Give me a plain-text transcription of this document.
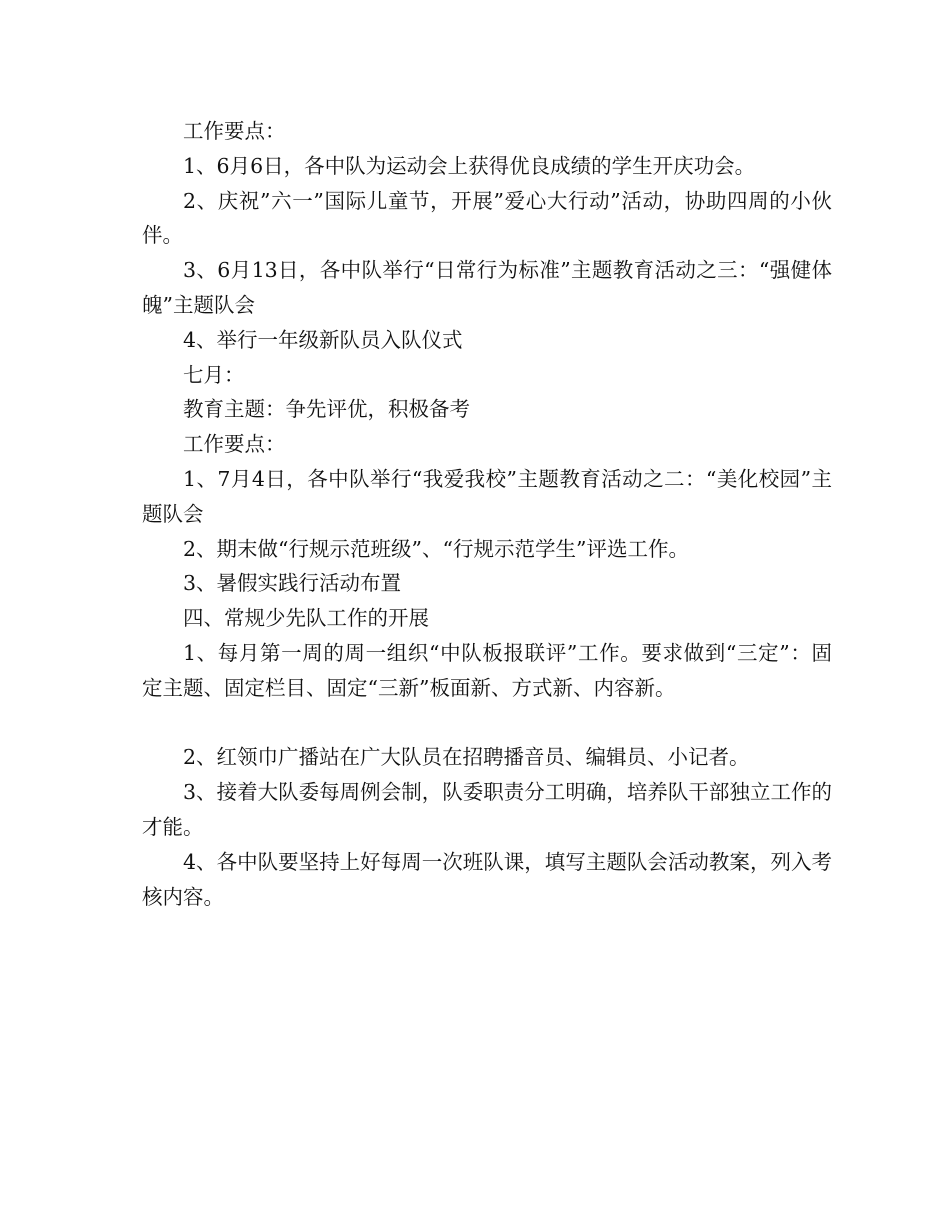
工作要点：

1、6月6日，各中队为运动会上获得优良成绩的学生开庆功会。

2、庆祝”六一”国际儿童节，开展”爱心大行动”活动，协助四周的小伙伴。

3、6月13日，各中队举行“日常行为标准”主题教育活动之三：“强健体魄”主题队会

4、举行一年级新队员入队仪式

七月：

教育主题：争先评优，积极备考

工作要点：

1、7月4日，各中队举行“我爱我校”主题教育活动之二：“美化校园”主题队会

2、期末做“行规示范班级”、“行规示范学生”评选工作。

3、暑假实践行活动布置

四、常规少先队工作的开展

1、每月第一周的周一组织“中队板报联评”工作。要求做到“三定”：固定主题、固定栏目、固定“三新”板面新、方式新、内容新。

2、红领巾广播站在广大队员在招聘播音员、编辑员、小记者。

3、接着大队委每周例会制，队委职责分工明确，培养队干部独立工作的才能。

4、各中队要坚持上好每周一次班队课，填写主题队会活动教案，列入考核内容。
